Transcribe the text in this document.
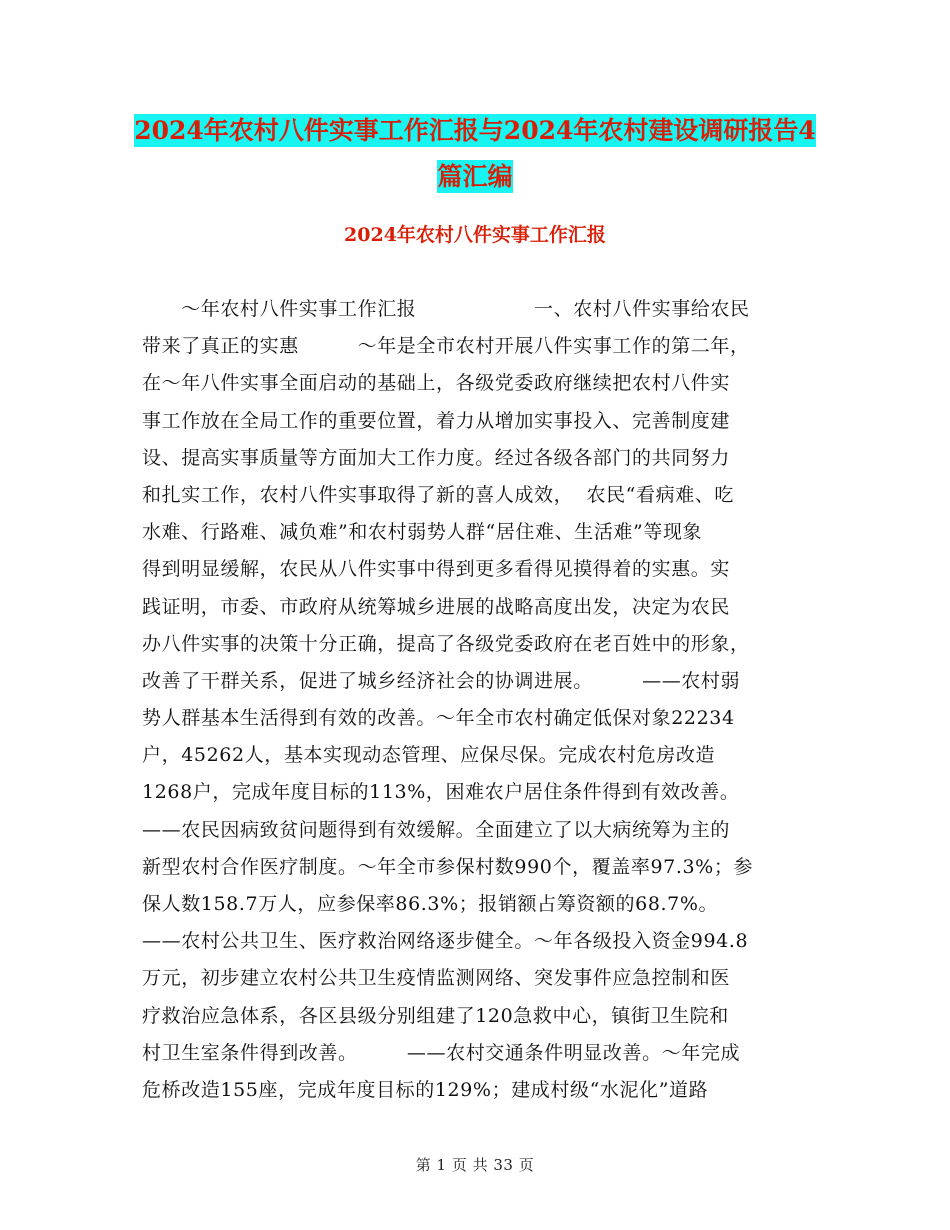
2024年农村八件实事工作汇报与2024年农村建设调研报告4篇汇编
2024年农村八件实事工作汇报
　　～年农村八件实事工作汇报　　　　　　一、农村八件实事给农民
带来了真正的实惠　　　～年是全市农村开展八件实事工作的第二年，
在～年八件实事全面启动的基础上，各级党委政府继续把农村八件实
事工作放在全局工作的重要位置，着力从增加实事投入、完善制度建
设、提高实事质量等方面加大工作力度。经过各级各部门的共同努力
和扎实工作，农村八件实事取得了新的喜人成效，  农民“看病难、吃
水难、行路难、减负难”和农村弱势人群“居住难、生活难”等现象
得到明显缓解，农民从八件实事中得到更多看得见摸得着的实惠。实
践证明，市委、市政府从统筹城乡进展的战略高度出发，决定为农民
办八件实事的决策十分正确，提高了各级党委政府在老百姓中的形象，
改善了干群关系，促进了城乡经济社会的协调进展。　　　——农村弱
势人群基本生活得到有效的改善。～年全市农村确定低保对象22234
户，45262人，基本实现动态管理、应保尽保。完成农村危房改造
1268户，完成年度目标的113%，困难农户居住条件得到有效改善。
——农民因病致贫问题得到有效缓解。全面建立了以大病统筹为主的
新型农村合作医疗制度。～年全市参保村数990个，覆盖率97.3%；参
保人数158.7万人，应参保率86.3%；报销额占筹资额的68.7%。
——农村公共卫生、医疗救治网络逐步健全。～年各级投入资金994.8
万元，初步建立农村公共卫生疫情监测网络、突发事件应急控制和医
疗救治应急体系，各区县级分别组建了120急救中心，镇街卫生院和
村卫生室条件得到改善。　　　——农村交通条件明显改善。～年完成
危桥改造155座，完成年度目标的129%；建成村级“水泥化”道路
第 1 页 共 33 页
